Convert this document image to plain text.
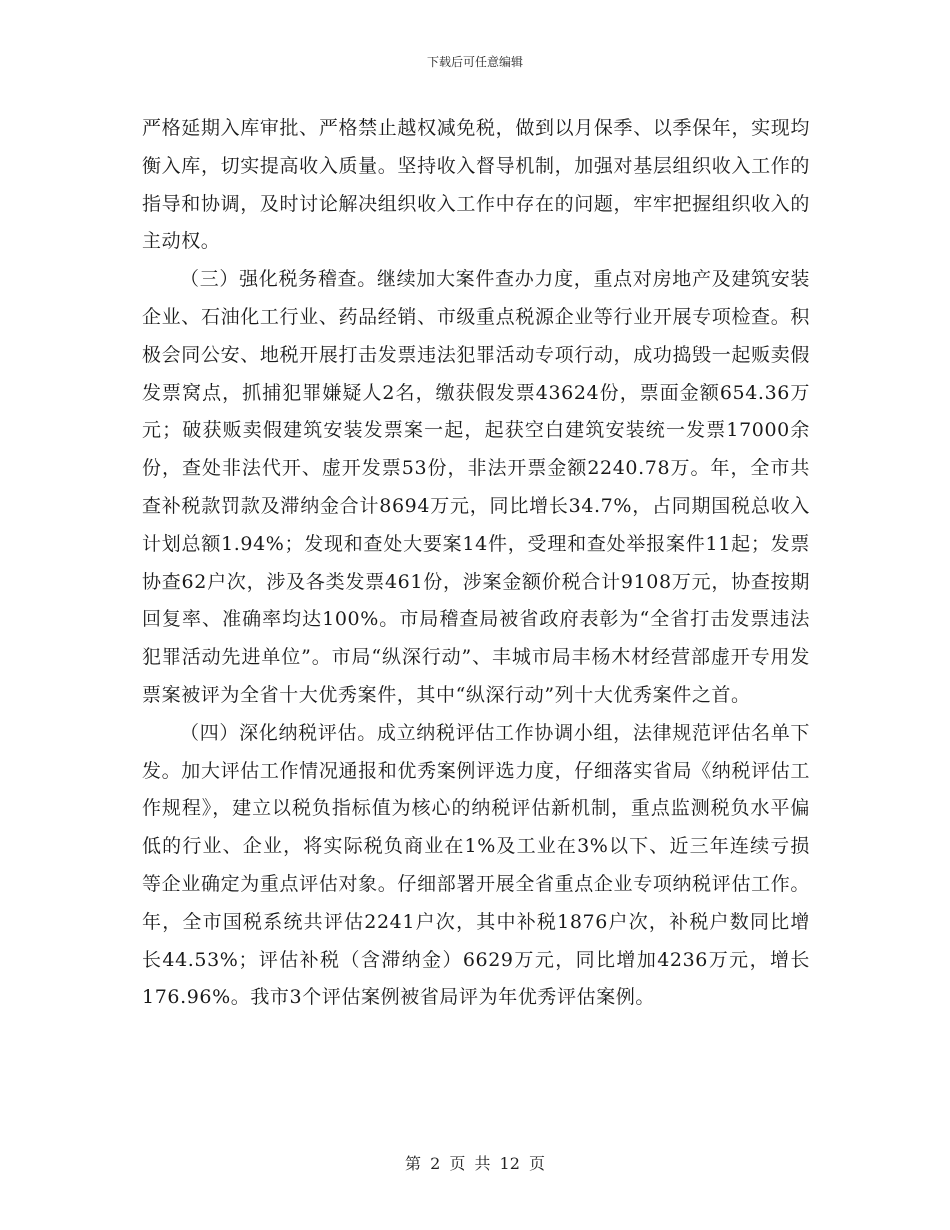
下载后可任意编辑

严格延期入库审批、严格禁止越权减免税，做到以月保季、以季保年，实现均衡入库，切实提高收入质量。坚持收入督导机制，加强对基层组织收入工作的指导和协调，及时讨论解决组织收入工作中存在的问题，牢牢把握组织收入的主动权。

（三）强化税务稽查。继续加大案件查办力度，重点对房地产及建筑安装企业、石油化工行业、药品经销、市级重点税源企业等行业开展专项检查。积极会同公安、地税开展打击发票违法犯罪活动专项行动，成功捣毁一起贩卖假发票窝点，抓捕犯罪嫌疑人2名，缴获假发票43624份，票面金额654.36万元；破获贩卖假建筑安装发票案一起，起获空白建筑安装统一发票17000余份，查处非法代开、虚开发票53份，非法开票金额2240.78万。年，全市共查补税款罚款及滞纳金合计8694万元，同比增长34.7%，占同期国税总收入计划总额1.94%；发现和查处大要案14件，受理和查处举报案件11起；发票协查62户次，涉及各类发票461份，涉案金额价税合计9108万元，协查按期回复率、准确率均达100%。市局稽查局被省政府表彰为“全省打击发票违法犯罪活动先进单位”。市局“纵深行动”、丰城市局丰杨木材经营部虚开专用发票案被评为全省十大优秀案件，其中“纵深行动”列十大优秀案件之首。

（四）深化纳税评估。成立纳税评估工作协调小组，法律规范评估名单下发。加大评估工作情况通报和优秀案例评选力度，仔细落实省局《纳税评估工作规程》，建立以税负指标值为核心的纳税评估新机制，重点监测税负水平偏低的行业、企业，将实际税负商业在1%及工业在3%以下、近三年连续亏损等企业确定为重点评估对象。仔细部署开展全省重点企业专项纳税评估工作。年，全市国税系统共评估2241户次，其中补税1876户次，补税户数同比增长44.53%；评估补税（含滞纳金）6629万元，同比增加4236万元，增长176.96%。我市3个评估案例被省局评为年优秀评估案例。

第 2 页 共 12 页
